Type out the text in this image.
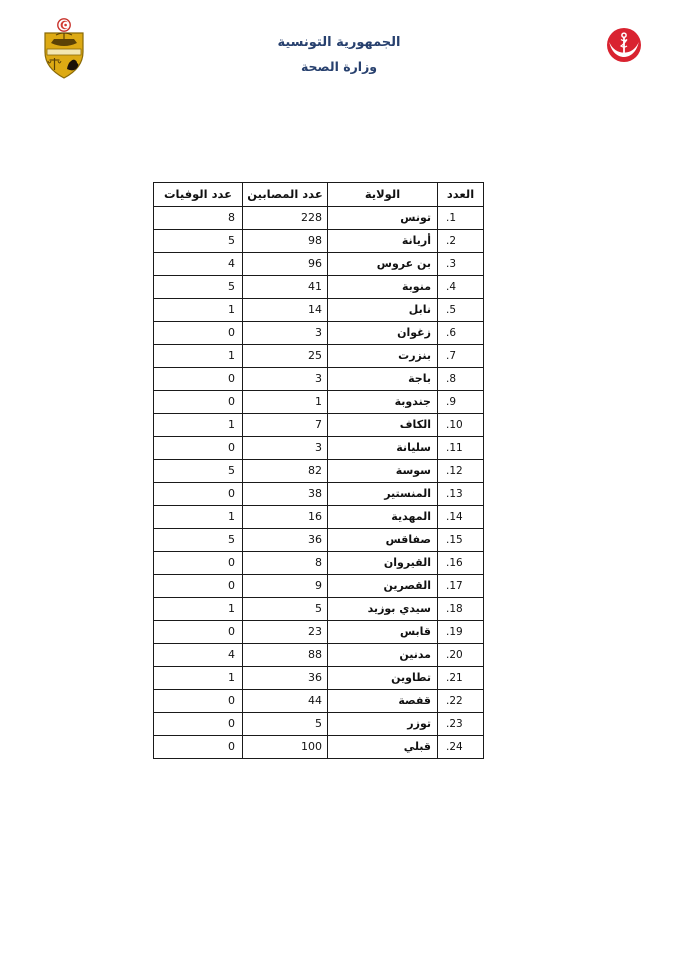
الجمهورية التونسية
وزارة الصحة
العدد	الولاية	عدد المصابين	عدد الوفيات
.1	تونس	228	8
.2	أريانة	98	5
.3	بن عروس	96	4
.4	منوبة	41	5
.5	نابل	14	1
.6	زغوان	3	0
.7	بنزرت	25	1
.8	باجة	3	0
.9	جندوبة	1	0
.10	الكاف	7	1
.11	سليانة	3	0
.12	سوسة	82	5
.13	المنستير	38	0
.14	المهدية	16	1
.15	صفاقس	36	5
.16	القيروان	8	0
.17	القصرين	9	0
.18	سيدي بوزيد	5	1
.19	قابس	23	0
.20	مدنين	88	4
.21	تطاوين	36	1
.22	قفصة	44	0
.23	توزر	5	0
.24	قبلي	100	0
